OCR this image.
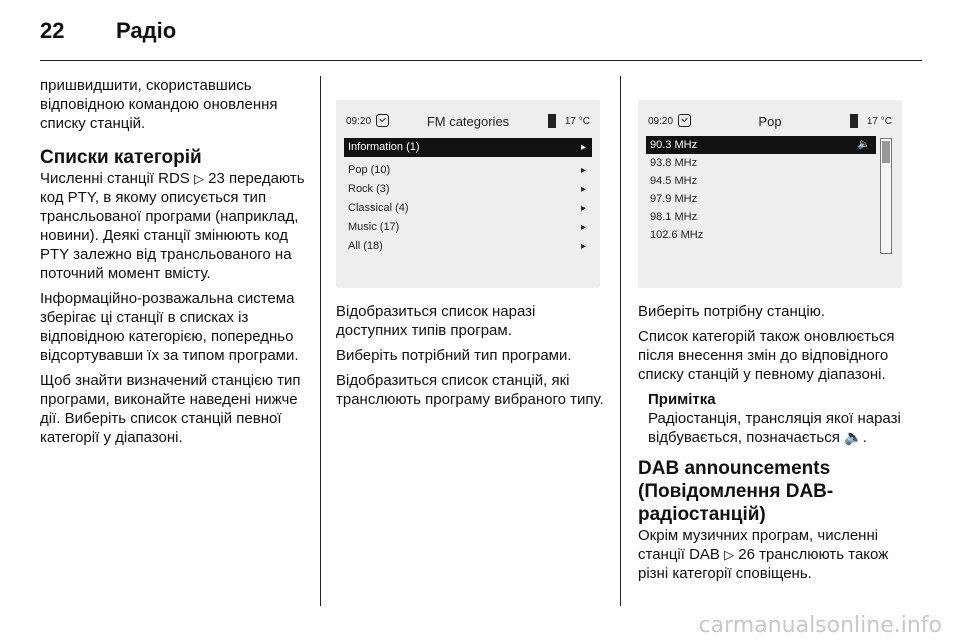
22 Радіо

пришвидшити, скориставшись відповідною командою оновлення списку станцій.

Списки категорій

Численні станції RDS ▷ 23 передають код PTY, в якому описується тип трансльованої програми (наприклад, новини). Деякі станції змінюють код PTY залежно від трансльованого на поточний момент вмісту.

Інформаційно-розважальна система зберігає ці станції в списках із відповідною категорією, попередньо відсортувавши їх за типом програми.

Щоб знайти визначений станцією тип програми, виконайте наведені нижче дії. Виберіть список станцій певної категорії у діапазоні.

09:20	FM categories	17 °C
Information (1)	▸
Pop (10)	▸
Rock (3)	▸
Classical (4)	▸
Music (17)	▸
All (18)	▸
09:20	Pop	17 °C
90.3 MHz	🔈
93.8 MHz
94.5 MHz
97.9 MHz
98.1 MHz
102.6 MHz

Відобразиться список наразі доступних типів програм.

Виберіть потрібний тип програми.

Відобразиться список станцій, які транслюють програму вибраного типу.

Виберіть потрібну станцію.

Список категорій також оновлюється після внесення змін до відповідного списку станцій у певному діапазоні.

Примітка
Радіостанція, трансляція якої наразі відбувається, позначається 🔈.
DAB announcements
(Повідомлення DAB-
радіостанцій)

Окрім музичних програм, численні станції DAB ▷ 26 транслюють також різні категорії сповіщень.

carmanualsonline.info
